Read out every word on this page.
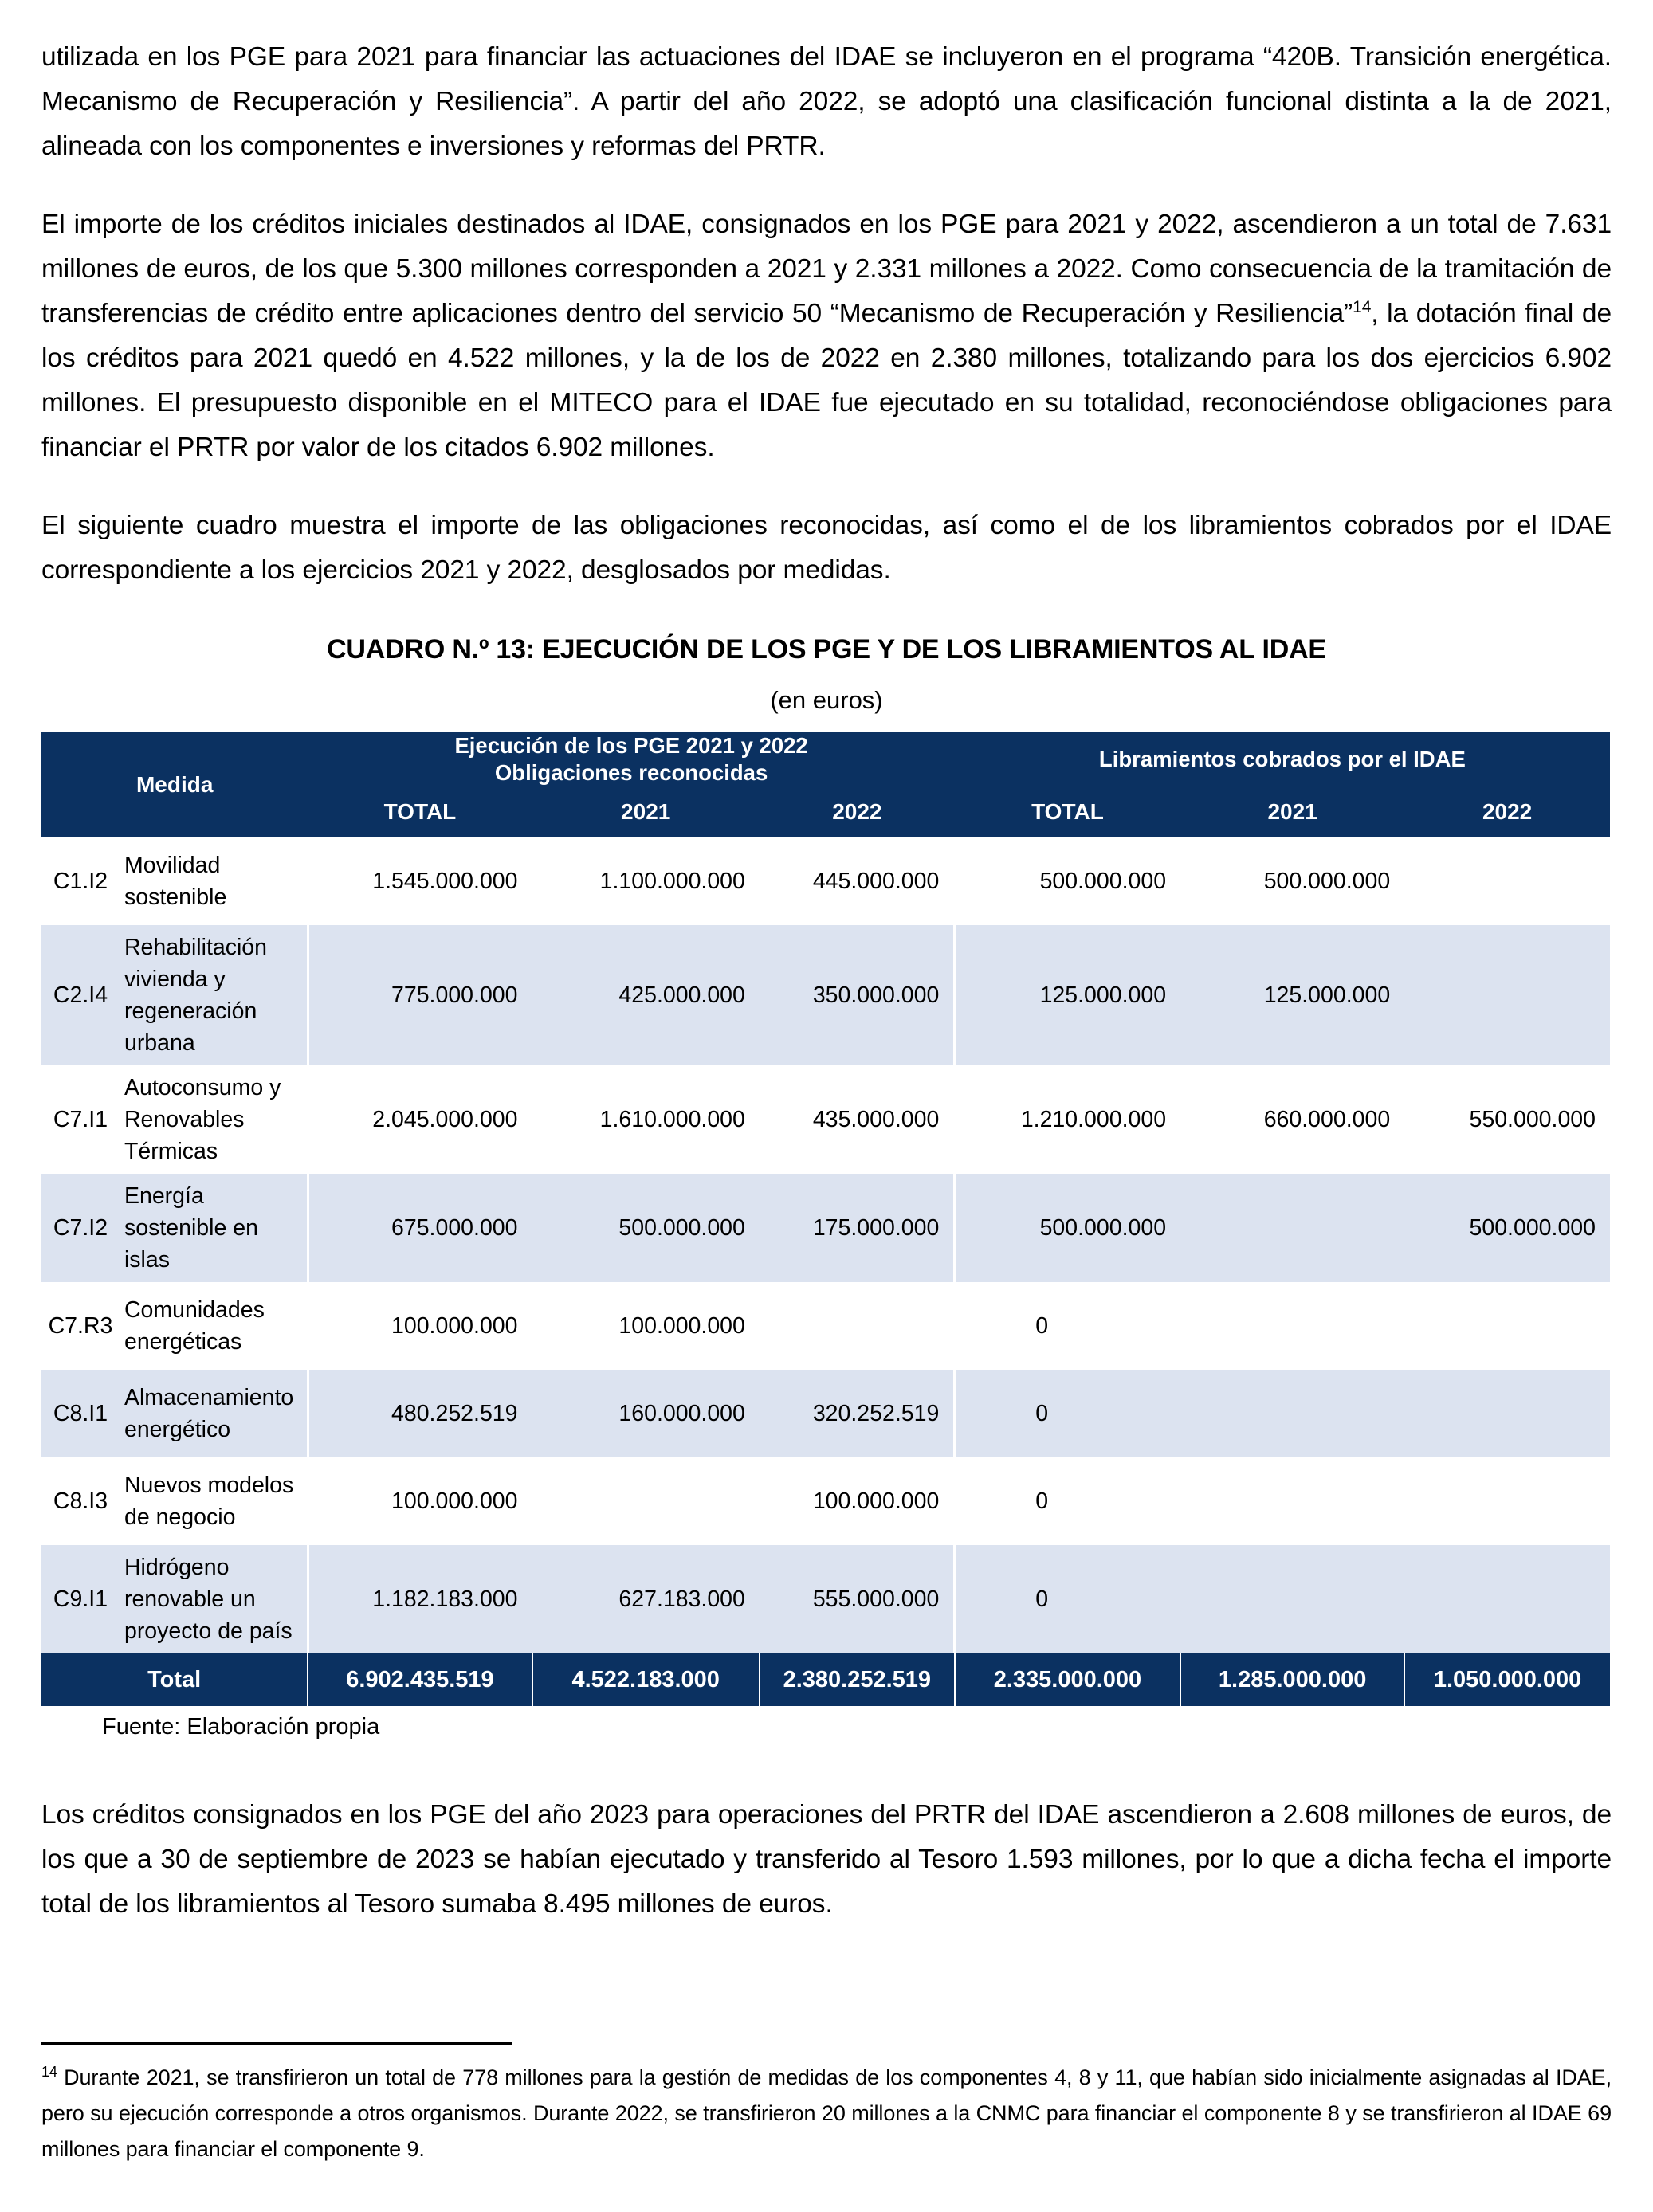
utilizada en los PGE para 2021 para financiar las actuaciones del IDAE se incluyeron en el programa “420B. Transición energética. Mecanismo de Recuperación y Resiliencia”. A partir del año 2022, se adoptó una clasificación funcional distinta a la de 2021, alineada con los componentes e inversiones y reformas del PRTR.

El importe de los créditos iniciales destinados al IDAE, consignados en los PGE para 2021 y 2022, ascendieron a un total de 7.631 millones de euros, de los que 5.300 millones corresponden a 2021 y 2.331 millones a 2022. Como consecuencia de la tramitación de transferencias de crédito entre aplicaciones dentro del servicio 50 “Mecanismo de Recuperación y Resiliencia”$^{14}$, la dotación final de los créditos para 2021 quedó en 4.522 millones, y la de los de 2022 en 2.380 millones, totalizando para los dos ejercicios 6.902 millones. El presupuesto disponible en el MITECO para el IDAE fue ejecutado en su totalidad, reconociéndose obligaciones para financiar el PRTR por valor de los citados 6.902 millones.

El siguiente cuadro muestra el importe de las obligaciones reconocidas, así como el de los libramientos cobrados por el IDAE correspondiente a los ejercicios 2021 y 2022, desglosados por medidas.

CUADRO N.º 13: EJECUCIÓN DE LOS PGE Y DE LOS LIBRAMIENTOS AL IDAE
(en euros)
Medida		Ejecución de los PGE 2021 y 2022
Obligaciones reconocidas			Libramientos cobrados por el IDAE		
		TOTAL	2021	2022	TOTAL	2021	2022
C1.I2	Movilidad sostenible	1.545.000.000	1.100.000.000	445.000.000	500.000.000	500.000.000	
C2.I4	Rehabilitación vivienda y regeneración urbana	775.000.000	425.000.000	350.000.000	125.000.000	125.000.000	
C7.I1	Autoconsumo y Renovables Térmicas	2.045.000.000	1.610.000.000	435.000.000	1.210.000.000	660.000.000	550.000.000
C7.I2	Energía sostenible en islas	675.000.000	500.000.000	175.000.000	500.000.000		500.000.000
C7.R3	Comunidades energéticas	100.000.000	100.000.000		0		
C8.I1	Almacenamiento energético	480.252.519	160.000.000	320.252.519	0		
C8.I3	Nuevos modelos de negocio	100.000.000		100.000.000	0		
C9.I1	Hidrógeno renovable un proyecto de país	1.182.183.000	627.183.000	555.000.000	0		
Total		6.902.435.519	4.522.183.000	2.380.252.519	2.335.000.000	1.285.000.000	1.050.000.000
Fuente: Elaboración propia

Los créditos consignados en los PGE del año 2023 para operaciones del PRTR del IDAE ascendieron a 2.608 millones de euros, de los que a 30 de septiembre de 2023 se habían ejecutado y transferido al Tesoro 1.593 millones, por lo que a dicha fecha el importe total de los libramientos al Tesoro sumaba 8.495 millones de euros.

$^{14}$ Durante 2021, se transfirieron un total de 778 millones para la gestión de medidas de los componentes 4, 8 y 11, que habían sido inicialmente asignadas al IDAE, pero su ejecución corresponde a otros organismos. Durante 2022, se transfirieron 20 millones a la CNMC para financiar el componente 8 y se transfirieron al IDAE 69 millones para financiar el componente 9.
